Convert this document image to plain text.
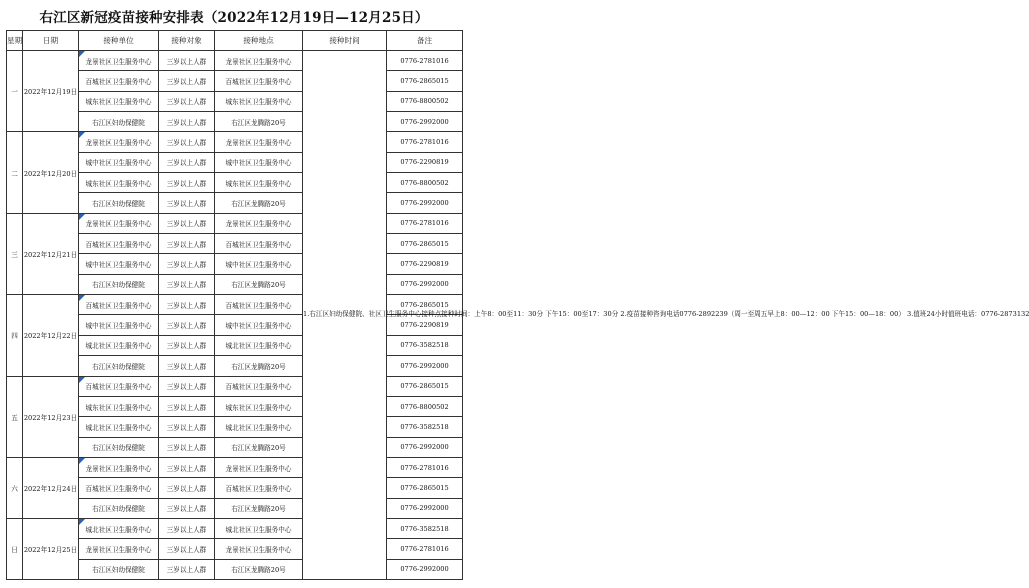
右江区新冠疫苗接种安排表（2022年12月19日—12月25日）
星期	日期	接种单位	接种对象	接种地点	接种时间	备注
一	2022年12月19日	龙景社区卫生服务中心	三岁以上人群	龙景社区卫生服务中心	1.右江区妇幼保健院、社区卫生服务中心接种点接种时间：上午8：00至11：30分 下午15：00至17：30分 2.疫苗接种咨询电话0776-2892239（周一至周五早上8：00—12：00 下午15：00—18：00） 3.值班24小时值班电话：0776-2873132	0776-2781016
		百城社区卫生服务中心	三岁以上人群	百城社区卫生服务中心		0776-2865015
		城东社区卫生服务中心	三岁以上人群	城东社区卫生服务中心		0776-8800502
		右江区妇幼保健院	三岁以上人群	右江区龙腾路20号		0776-2992000
二	2022年12月20日	龙景社区卫生服务中心	三岁以上人群	龙景社区卫生服务中心		0776-2781016
		城中社区卫生服务中心	三岁以上人群	城中社区卫生服务中心		0776-2290819
		城东社区卫生服务中心	三岁以上人群	城东社区卫生服务中心		0776-8800502
		右江区妇幼保健院	三岁以上人群	右江区龙腾路20号		0776-2992000
三	2022年12月21日	龙景社区卫生服务中心	三岁以上人群	龙景社区卫生服务中心		0776-2781016
		百城社区卫生服务中心	三岁以上人群	百城社区卫生服务中心		0776-2865015
		城中社区卫生服务中心	三岁以上人群	城中社区卫生服务中心		0776-2290819
		右江区妇幼保健院	三岁以上人群	右江区龙腾路20号		0776-2992000
四	2022年12月22日	百城社区卫生服务中心	三岁以上人群	百城社区卫生服务中心		0776-2865015
		城中社区卫生服务中心	三岁以上人群	城中社区卫生服务中心		0776-2290819
		城北社区卫生服务中心	三岁以上人群	城北社区卫生服务中心		0776-3582518
		右江区妇幼保健院	三岁以上人群	右江区龙腾路20号		0776-2992000
五	2022年12月23日	百城社区卫生服务中心	三岁以上人群	百城社区卫生服务中心		0776-2865015
		城东社区卫生服务中心	三岁以上人群	城东社区卫生服务中心		0776-8800502
		城北社区卫生服务中心	三岁以上人群	城北社区卫生服务中心		0776-3582518
		右江区妇幼保健院	三岁以上人群	右江区龙腾路20号		0776-2992000
六	2022年12月24日	龙景社区卫生服务中心	三岁以上人群	龙景社区卫生服务中心		0776-2781016
		百城社区卫生服务中心	三岁以上人群	百城社区卫生服务中心		0776-2865015
		右江区妇幼保健院	三岁以上人群	右江区龙腾路20号		0776-2992000
日	2022年12月25日	城北社区卫生服务中心	三岁以上人群	城北社区卫生服务中心		0776-3582518
		龙景社区卫生服务中心	三岁以上人群	龙景社区卫生服务中心		0776-2781016
		右江区妇幼保健院	三岁以上人群	右江区龙腾路20号		0776-2992000
